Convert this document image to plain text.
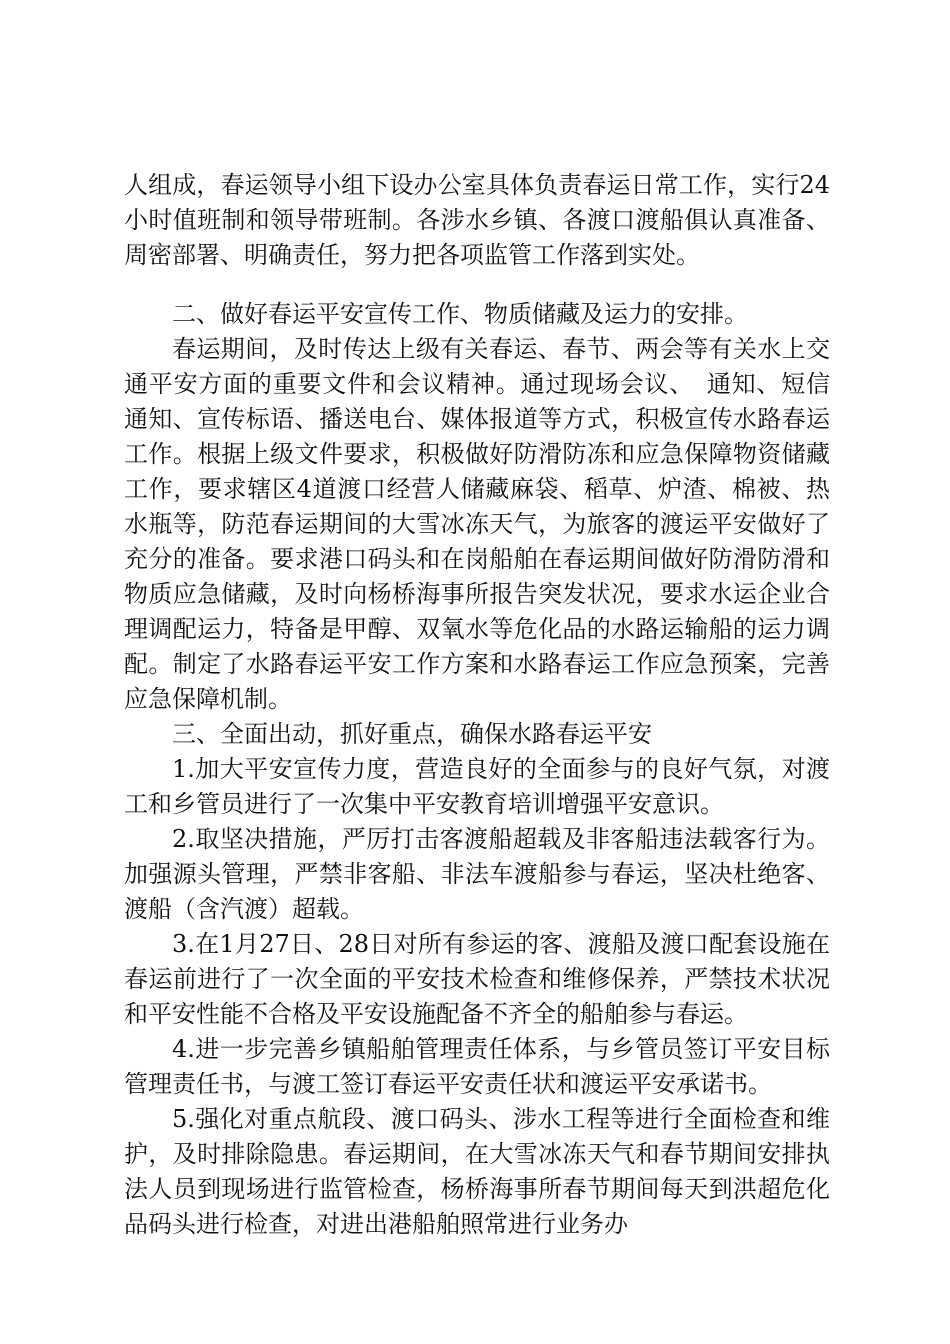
人组成，春运领导小组下设办公室具体负责春运日常工作，实行24小时值班制和领导带班制。各涉水乡镇、各渡口渡船俱认真准备、周密部署、明确责任，努力把各项监管工作落到实处。

二、做好春运平安宣传工作、物质储藏及运力的安排。

春运期间，及时传达上级有关春运、春节、两会等有关水上交通平安方面的重要文件和会议精神。通过现场会议、　通知、短信通知、宣传标语、播送电台、媒体报道等方式，积极宣传水路春运工作。根据上级文件要求，积极做好防滑防冻和应急保障物资储藏工作，要求辖区4道渡口经营人储藏麻袋、稻草、炉渣、棉被、热水瓶等，防范春运期间的大雪冰冻天气，为旅客的渡运平安做好了充分的准备。要求港口码头和在岗船舶在春运期间做好防滑防滑和物质应急储藏，及时向杨桥海事所报告突发状况，要求水运企业合理调配运力，特备是甲醇、双氧水等危化品的水路运输船的运力调配。制定了水路春运平安工作方案和水路春运工作应急预案，完善应急保障机制。

三、全面出动，抓好重点，确保水路春运平安

1.加大平安宣传力度，营造良好的全面参与的良好气氛，对渡工和乡管员进行了一次集中平安教育培训增强平安意识。

2.取坚决措施，严厉打击客渡船超载及非客船违法载客行为。加强源头管理，严禁非客船、非法车渡船参与春运，坚决杜绝客、渡船（含汽渡）超载。

3.在1月27日、28日对所有参运的客、渡船及渡口配套设施在春运前进行了一次全面的平安技术检查和维修保养，严禁技术状况和平安性能不合格及平安设施配备不齐全的船舶参与春运。

4.进一步完善乡镇船舶管理责任体系，与乡管员签订平安目标管理责任书，与渡工签订春运平安责任状和渡运平安承诺书。

5.强化对重点航段、渡口码头、涉水工程等进行全面检查和维护，及时排除隐患。春运期间，在大雪冰冻天气和春节期间安排执法人员到现场进行监管检查，杨桥海事所春节期间每天到洪超危化品码头进行检查，对进出港船舶照常进行业务办
